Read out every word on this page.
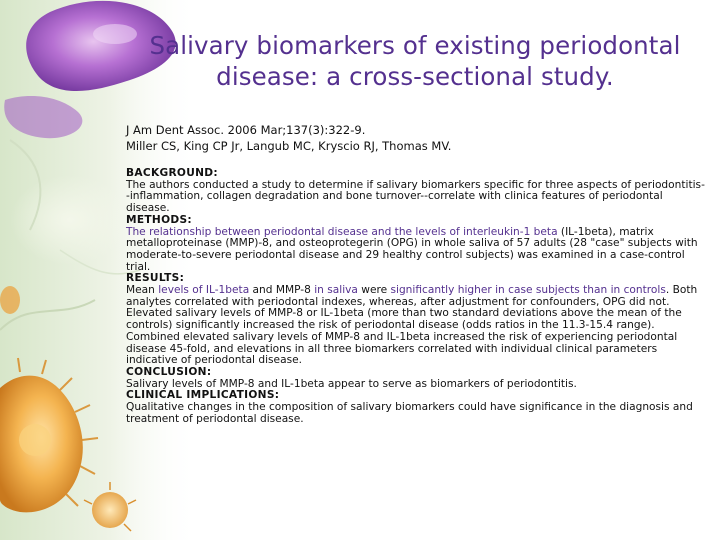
Salivary biomarkers of existing periodontal
disease: a cross-sectional study.
J Am Dent Assoc. 2006 Mar;137(3):322-9.
Miller CS, King CP Jr, Langub MC, Kryscio RJ, Thomas MV.

BACKGROUND:

The authors conducted a study to determine if salivary biomarkers specific for three aspects of periodontitis--inflammation, collagen degradation and bone turnover--correlate with clinica features of periodontal disease.

METHODS:

The relationship between periodontal disease and the levels of interleukin-1 beta (IL-1beta), matrix metalloproteinase (MMP)-8, and osteoprotegerin (OPG) in whole saliva of 57 adults (28 "case" subjects with moderate-to-severe periodontal disease and 29 healthy control subjects) was examined in a case-control trial.

RESULTS:

Mean levels of IL-1beta and MMP-8 in saliva were significantly higher in case subjects than in controls. Both analytes correlated with periodontal indexes, whereas, after adjustment for confounders, OPG did not. Elevated salivary levels of MMP-8 or IL-1beta (more than two standard deviations above the mean of the controls) significantly increased the risk of periodontal disease (odds ratios in the 11.3-15.4 range). Combined elevated salivary levels of MMP-8 and IL-1beta increased the risk of experiencing periodontal disease 45-fold, and elevations in all three biomarkers correlated with individual clinical parameters indicative of periodontal disease.

CONCLUSION:

Salivary levels of MMP-8 and IL-1beta appear to serve as biomarkers of periodontitis.

CLINICAL IMPLICATIONS:

Qualitative changes in the composition of salivary biomarkers could have significance in the diagnosis and treatment of periodontal disease.
